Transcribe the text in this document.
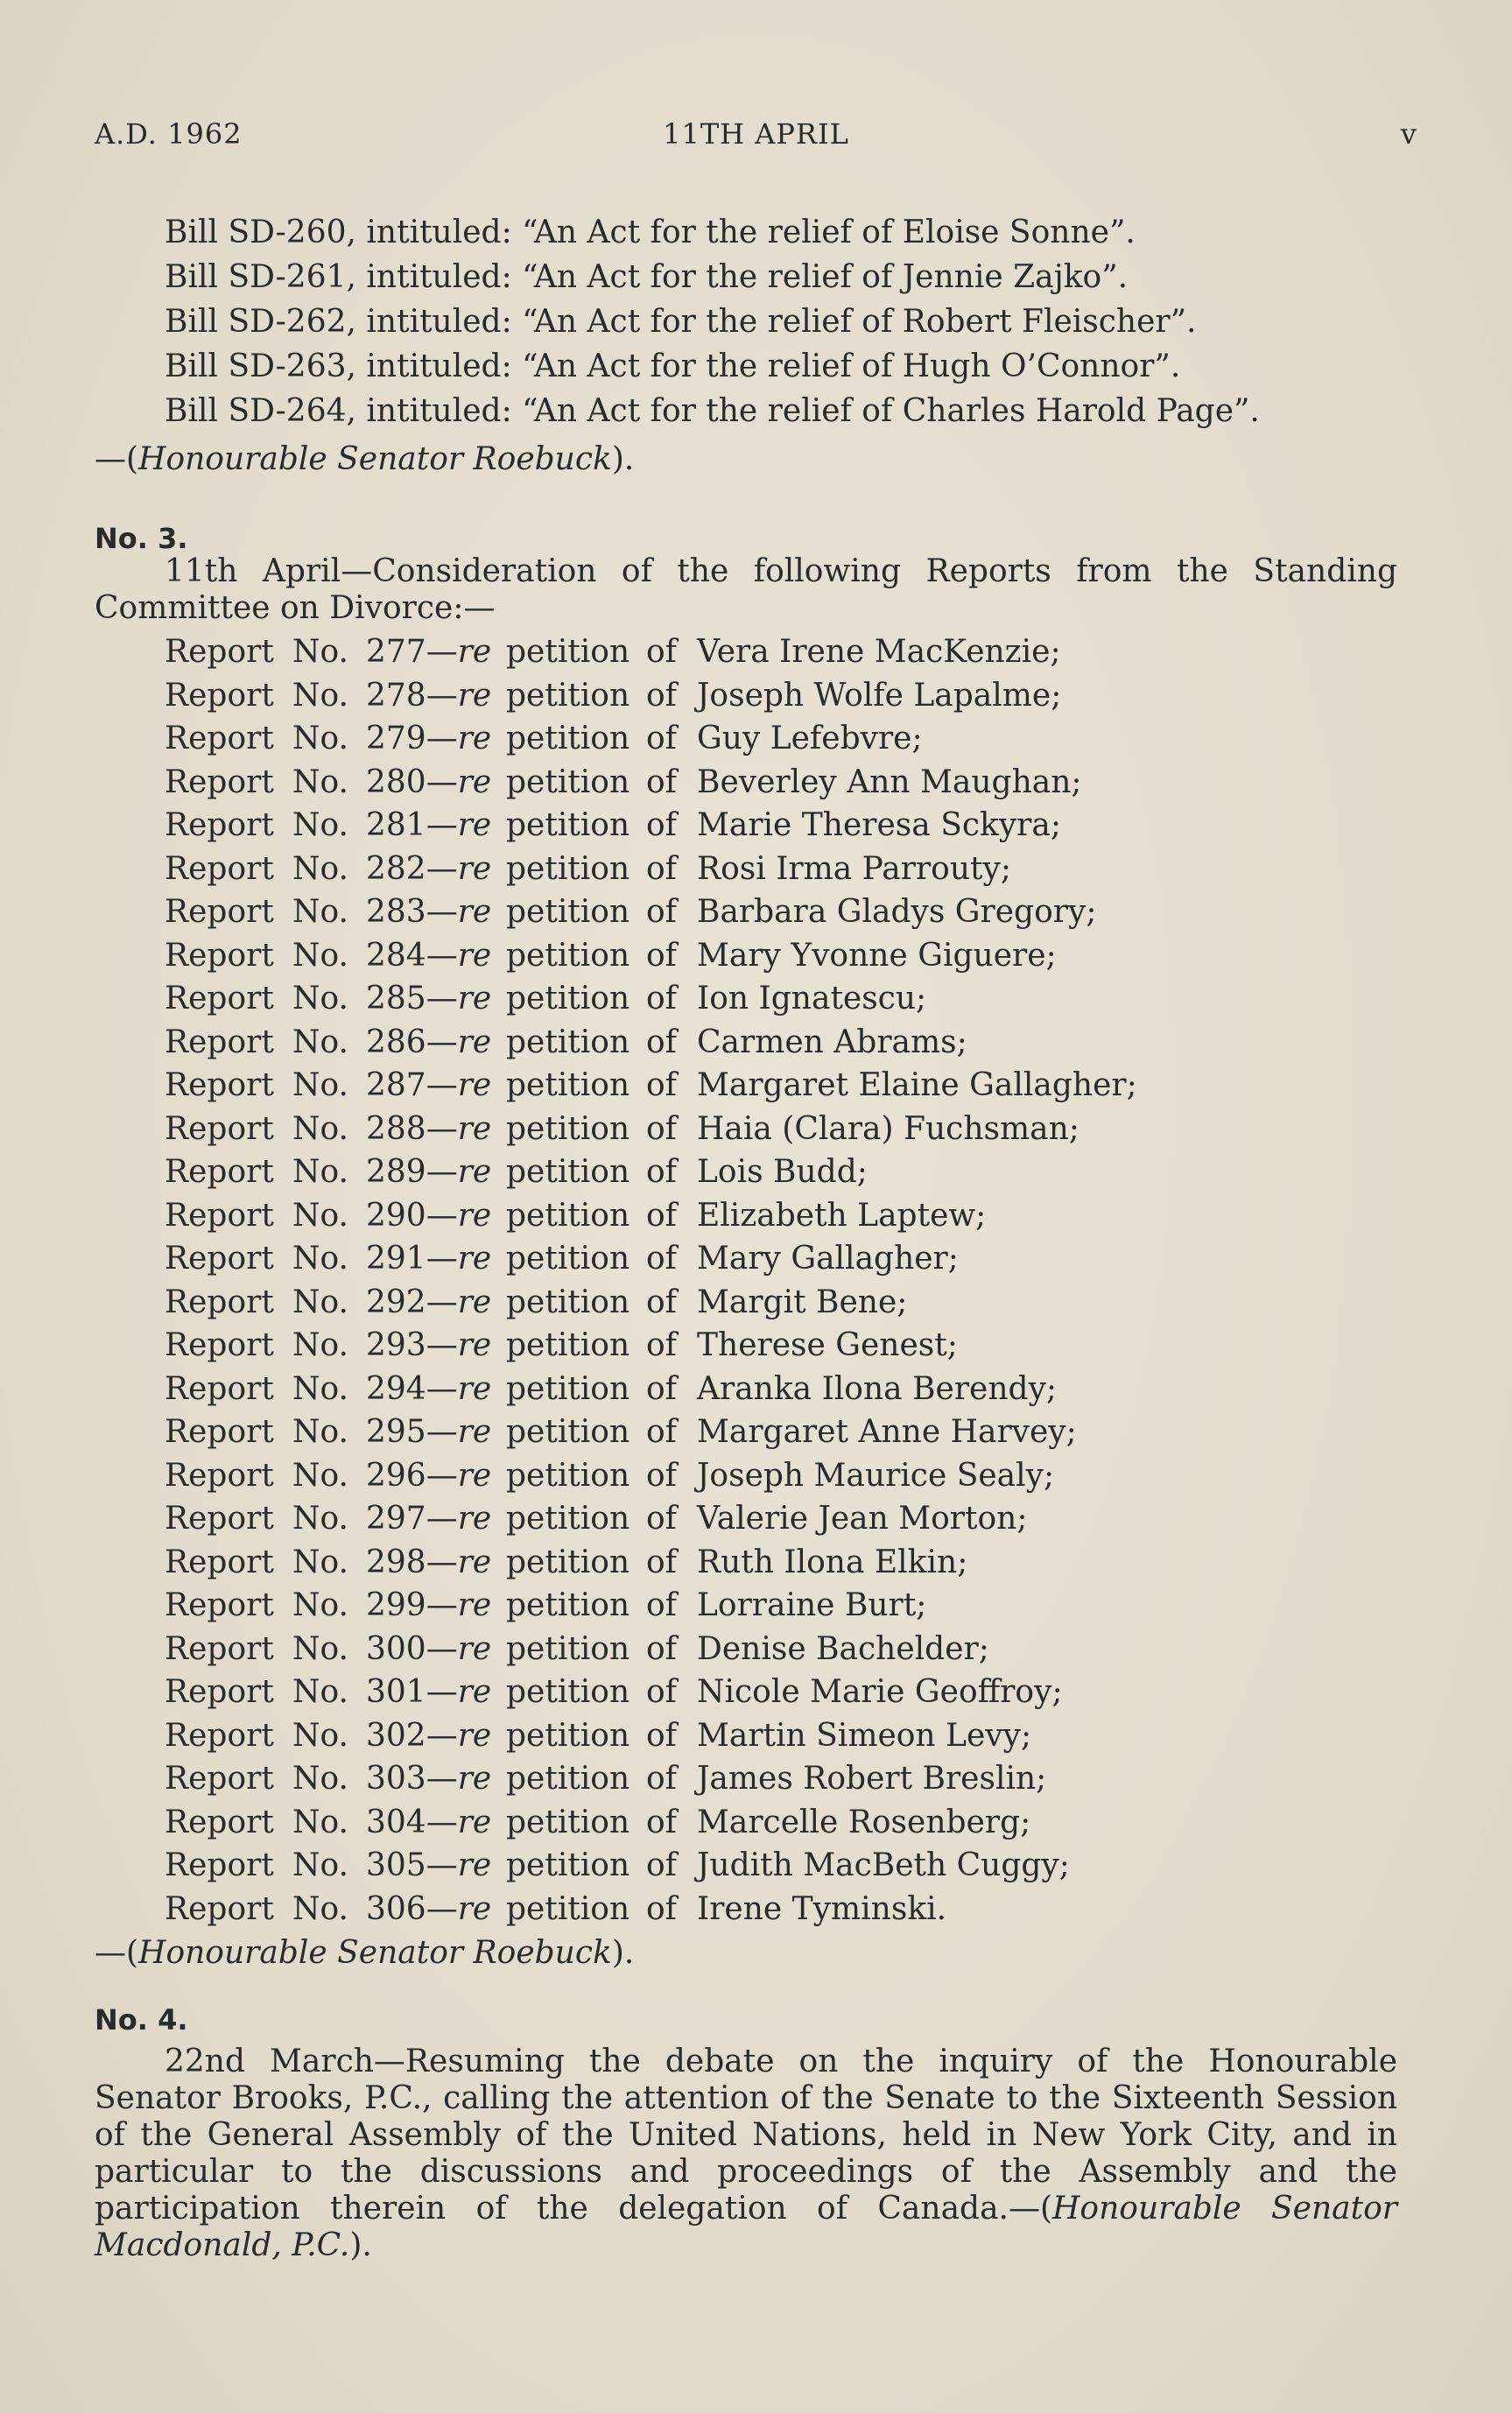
A.D. 1962	11TH APRIL	v
Bill SD-260, intituled: “An Act for the relief of Eloise Sonne”.
Bill SD-261, intituled: “An Act for the relief of Jennie Zajko”.
Bill SD-262, intituled: “An Act for the relief of Robert Fleischer”.
Bill SD-263, intituled: “An Act for the relief of Hugh O’Connor”.
Bill SD-264, intituled: “An Act for the relief of Charles Harold Page”.
—(Honourable Senator Roebuck).
No. 3.
11th April—Consideration of the following Reports from the Standing Committee on Divorce:—
Report No. 277—re petition of Vera Irene MacKenzie;
Report No. 278—re petition of Joseph Wolfe Lapalme;
Report No. 279—re petition of Guy Lefebvre;
Report No. 280—re petition of Beverley Ann Maughan;
Report No. 281—re petition of Marie Theresa Sckyra;
Report No. 282—re petition of Rosi Irma Parrouty;
Report No. 283—re petition of Barbara Gladys Gregory;
Report No. 284—re petition of Mary Yvonne Giguere;
Report No. 285—re petition of Ion Ignatescu;
Report No. 286—re petition of Carmen Abrams;
Report No. 287—re petition of Margaret Elaine Gallagher;
Report No. 288—re petition of Haia (Clara) Fuchsman;
Report No. 289—re petition of Lois Budd;
Report No. 290—re petition of Elizabeth Laptew;
Report No. 291—re petition of Mary Gallagher;
Report No. 292—re petition of Margit Bene;
Report No. 293—re petition of Therese Genest;
Report No. 294—re petition of Aranka Ilona Berendy;
Report No. 295—re petition of Margaret Anne Harvey;
Report No. 296—re petition of Joseph Maurice Sealy;
Report No. 297—re petition of Valerie Jean Morton;
Report No. 298—re petition of Ruth Ilona Elkin;
Report No. 299—re petition of Lorraine Burt;
Report No. 300—re petition of Denise Bachelder;
Report No. 301—re petition of Nicole Marie Geoffroy;
Report No. 302—re petition of Martin Simeon Levy;
Report No. 303—re petition of James Robert Breslin;
Report No. 304—re petition of Marcelle Rosenberg;
Report No. 305—re petition of Judith MacBeth Cuggy;
Report No. 306—re petition of Irene Tyminski.
—(Honourable Senator Roebuck).
No. 4.
22nd March—Resuming the debate on the inquiry of the Honourable Senator Brooks, P.C., calling the attention of the Senate to the Sixteenth Session of the General Assembly of the United Nations, held in New York City, and in particular to the discussions and proceedings of the Assembly and the participation therein of the delegation of Canada.—(Honourable Senator Macdonald, P.C.).
